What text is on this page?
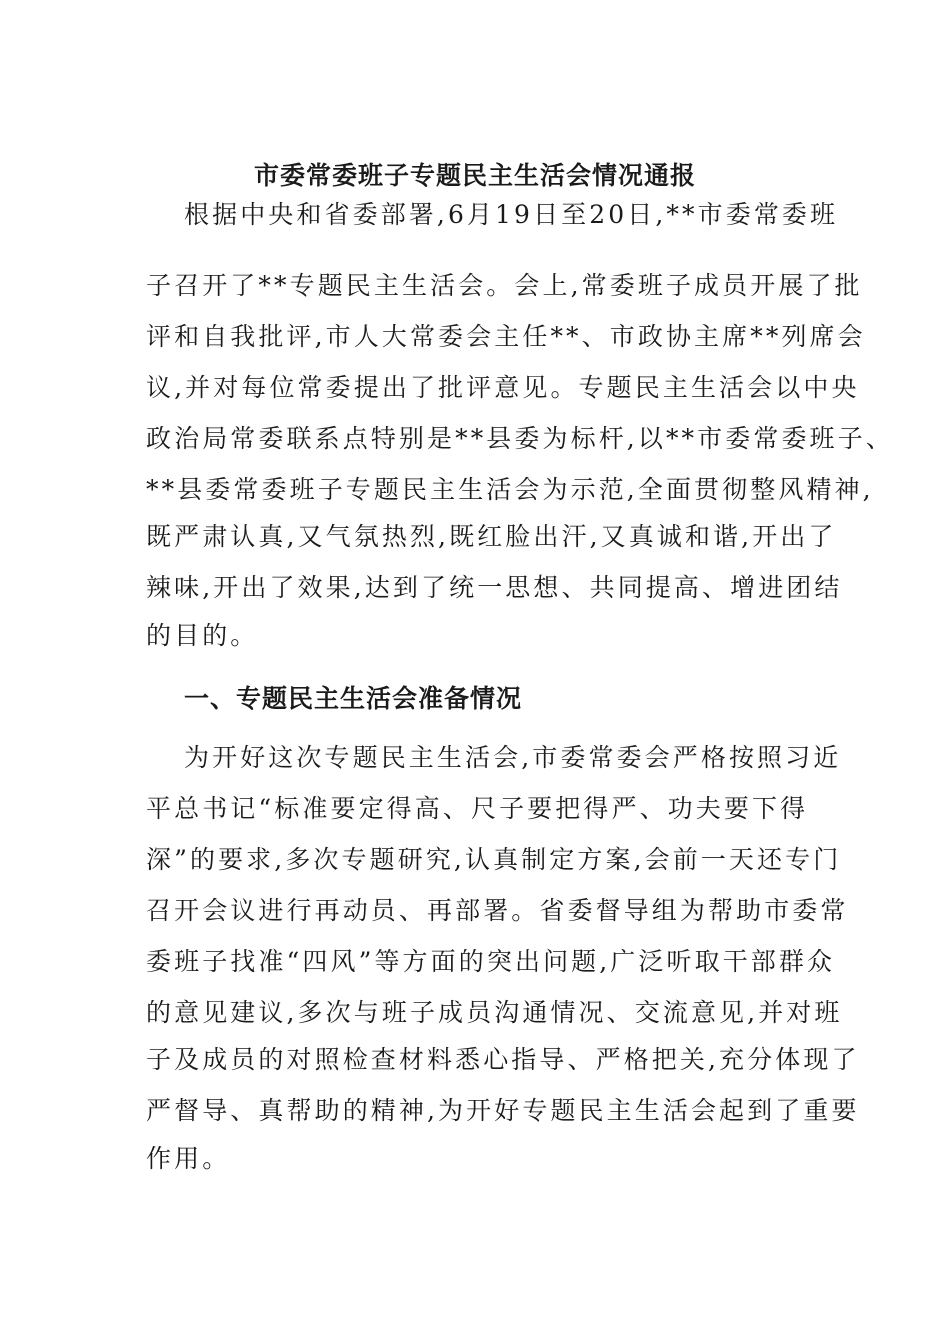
市委常委班子专题民主生活会情况通报
根据中央和省委部署,6月19日至20日,**市委常委班
子召开了**专题民主生活会。会上,常委班子成员开展了批
评和自我批评,市人大常委会主任**、市政协主席**列席会
议,并对每位常委提出了批评意见。专题民主生活会以中央
政治局常委联系点特别是**县委为标杆,以**市委常委班子、
**县委常委班子专题民主生活会为示范,全面贯彻整风精神,
既严肃认真,又气氛热烈,既红脸出汗,又真诚和谐,开出了
辣味,开出了效果,达到了统一思想、共同提高、增进团结
的目的。
一、专题民主生活会准备情况
为开好这次专题民主生活会,市委常委会严格按照习近
平总书记“标准要定得高、尺子要把得严、功夫要下得
深”的要求,多次专题研究,认真制定方案,会前一天还专门
召开会议进行再动员、再部署。省委督导组为帮助市委常
委班子找准“四风”等方面的突出问题,广泛听取干部群众
的意见建议,多次与班子成员沟通情况、交流意见,并对班
子及成员的对照检查材料悉心指导、严格把关,充分体现了
严督导、真帮助的精神,为开好专题民主生活会起到了重要
作用。
